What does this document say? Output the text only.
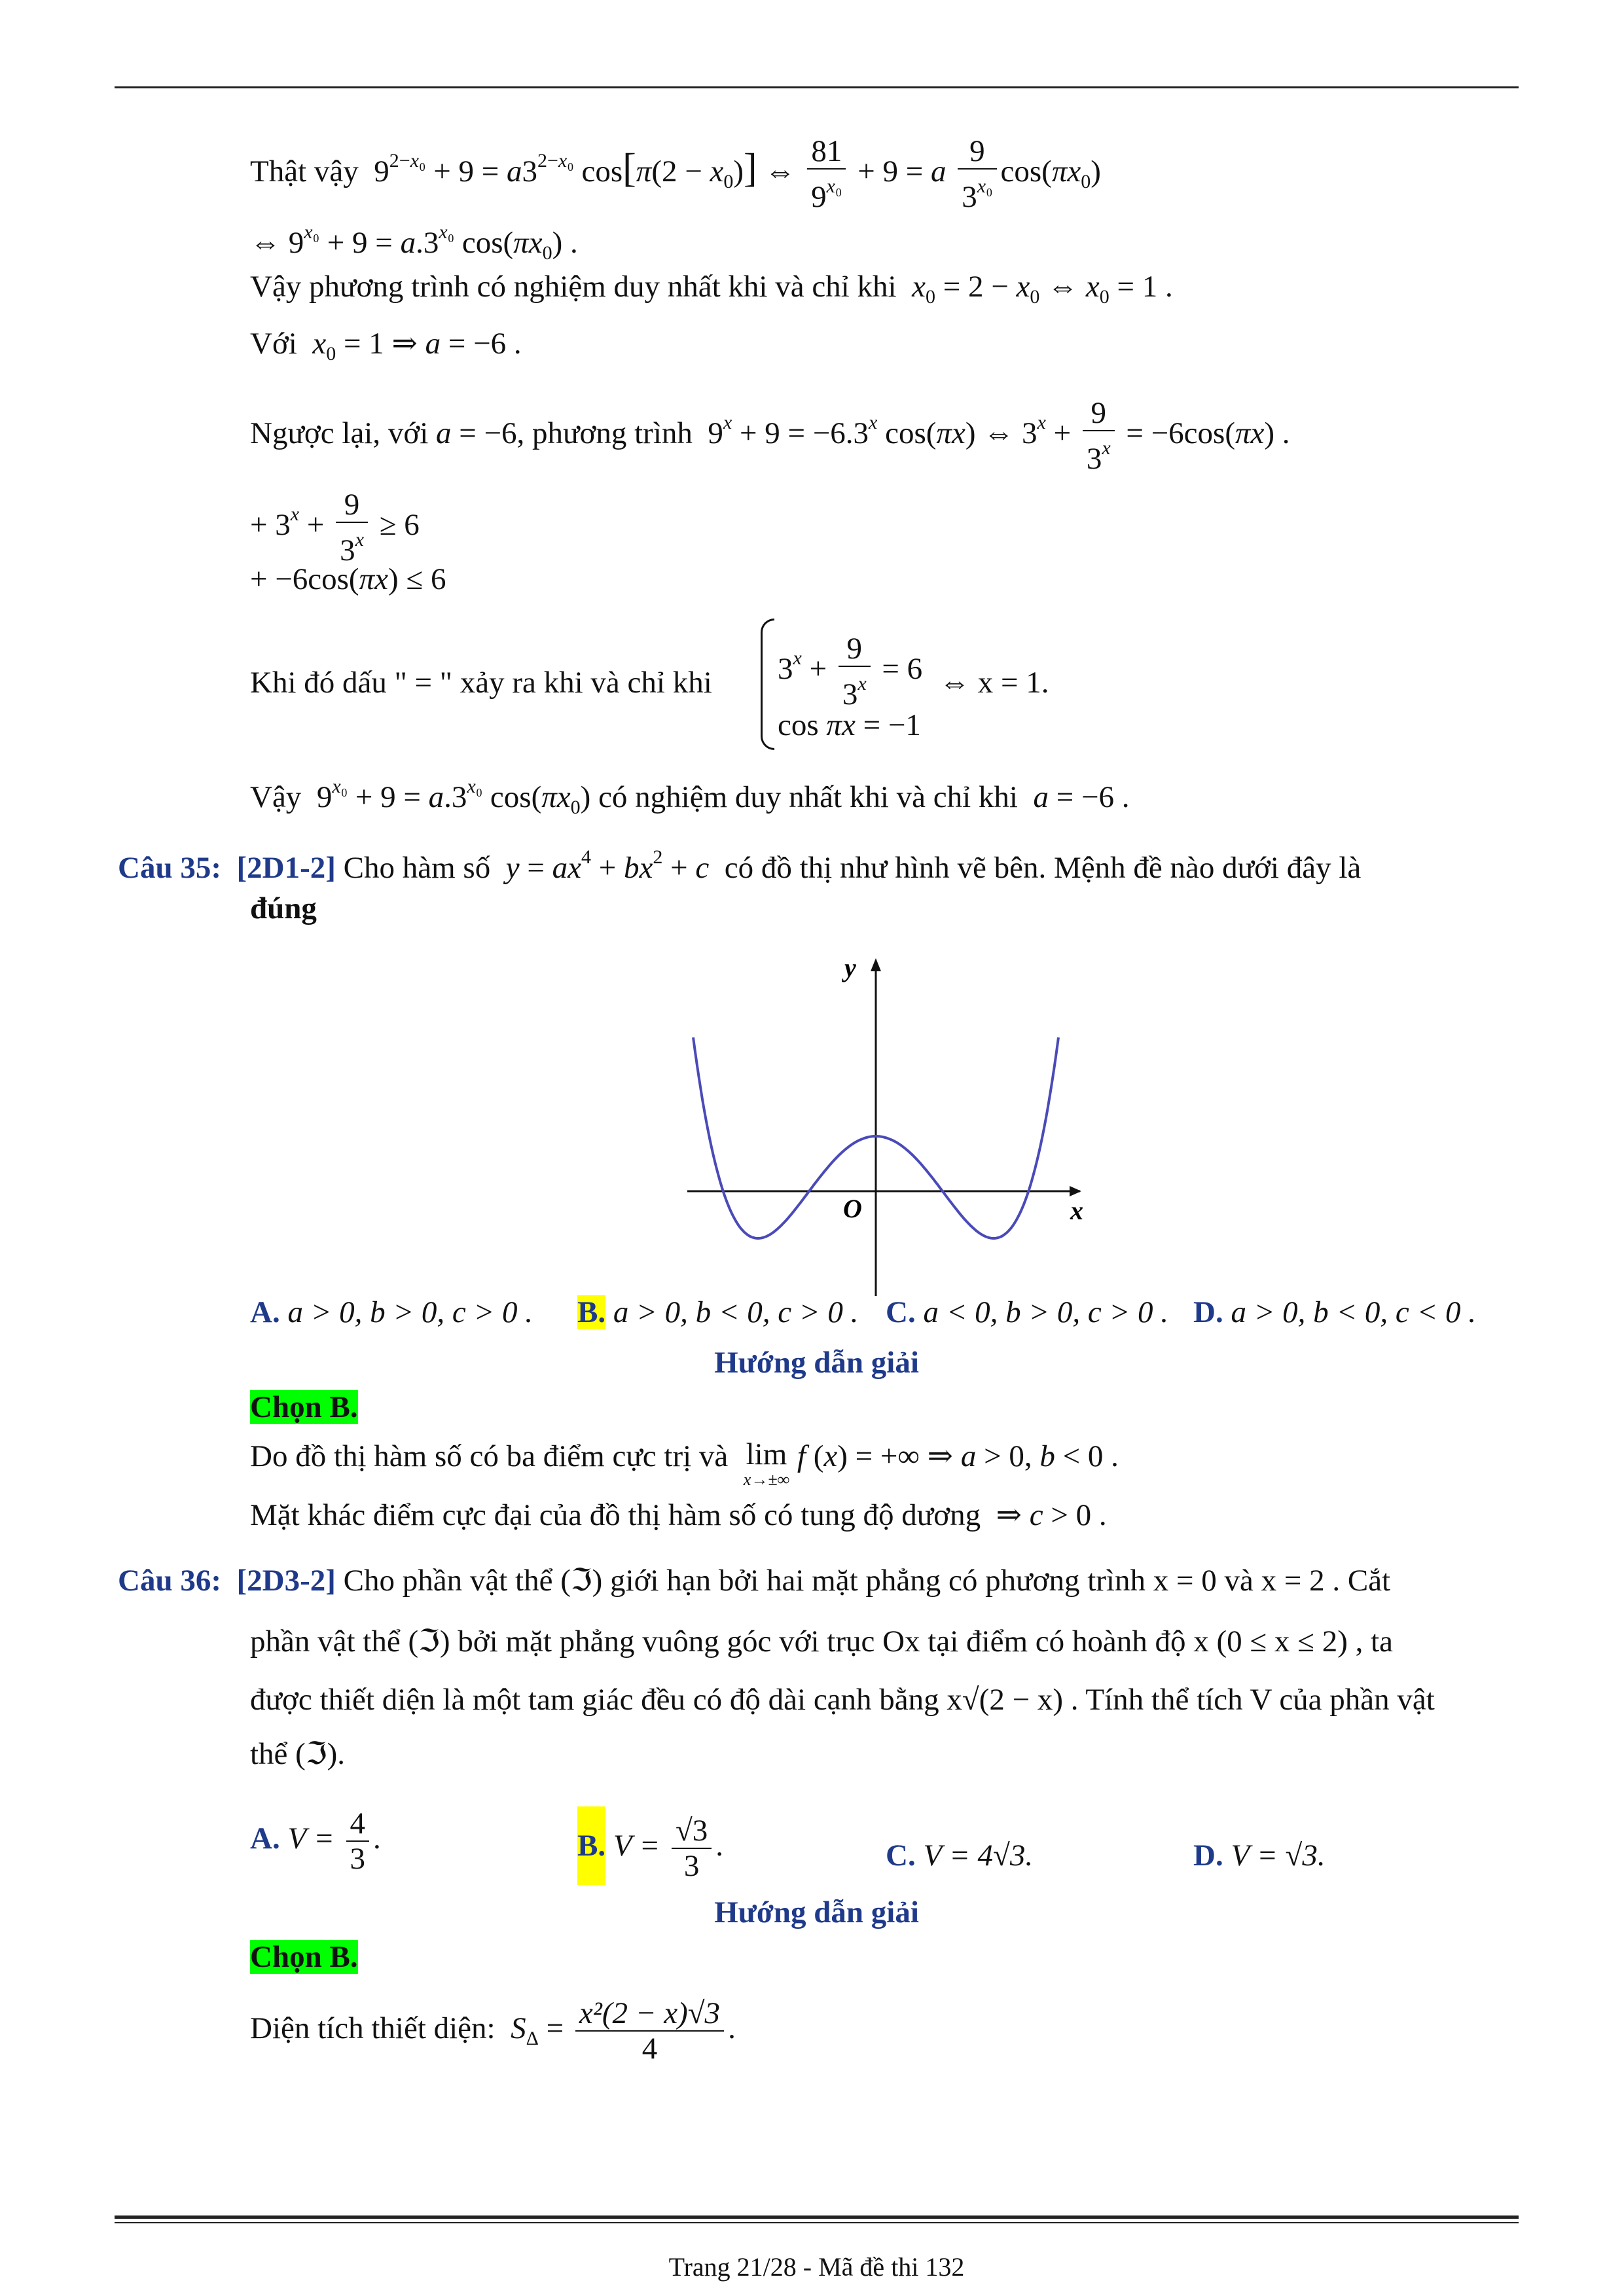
Thật vậy  $9^{2-x_0} + 9 = a3^{2-x_0}$ $\cos[\pi(2 - x_0)]$ ⇔ $\frac{81}{9^{x_0}} + 9 = a \frac{9}{3^{x_0}} \cos(\pi x_0)$
⇔ $9^{x_0} + 9 = a.3^{x_0}$ $\cos(\pi x_0)$ .
Vậy phương trình có nghiệm duy nhất khi và chỉ khi $x_0 = 2 - x_0$ ⇔ $x_0 = 1$ .
Với $x_0 = 1$ ⇒ a = −6 .
Ngược lại, với a = −6, phương trình  $9^x + 9 = -6.3^x$ cos(πx) ⇔ $3^x + \frac{9}{3^x} = -6\cos(\pi x)$ .
+ $3^x + \frac{9}{3^x} \ge 6$
+ −6cos(πx) ≤ 6
Khi đó dấu " = " xảy ra khi và chỉ khi $3^x + \frac{9}{3^x} = 6$
cos πx = −1
⇔ x = 1.
Vậy  $9^{x_0} + 9 = a.3^{x_0}$ $\cos(\pi x_0)$ có nghiệm duy nhất khi và chỉ khi a = −6 .
Câu 35: [2D1-2] Cho hàm số $y = ax^4 + bx^2 + c$ có đồ thị như hình vẽ bên. Mệnh đề nào dưới đây là
đúng
y
x
O
A. a > 0, b > 0, c > 0 . B. a > 0, b < 0, c > 0 . C. a < 0, b > 0, c > 0 . D. a > 0, b < 0, c < 0 .
Hướng dẫn giải
Chọn B.
Do đồ thị hàm số có ba điểm cực trị và lim
x→±∞
f (x) = +∞ ⇒ a > 0, b < 0 .
Mặt khác điểm cực đại của đồ thị hàm số có tung độ dương  ⇒ c > 0 .
Câu 36: [2D3-2] Cho phần vật thể (ℑ) giới hạn bởi hai mặt phẳng có phương trình x = 0 và x = 2 . Cắt
phần vật thể (ℑ) bởi mặt phẳng vuông góc với trục Ox tại điểm có hoành độ x (0 ≤ x ≤ 2) , ta
được thiết diện là một tam giác đều có độ dài cạnh bằng x√(2 − x) . Tính thể tích V của phần vật
thể (ℑ).
A. $V = \frac{4}{3}$ .	B. $V = \frac{√3}{3}$ .	C. V = 4√3.	D. V = √3.
Hướng dẫn giải
Chọn B.
Diện tích thiết diện: $S_\Delta = \frac{\text{x²(2 − x)√3}}{4}$ .
Trang 21/28 - Mã đề thi 132
